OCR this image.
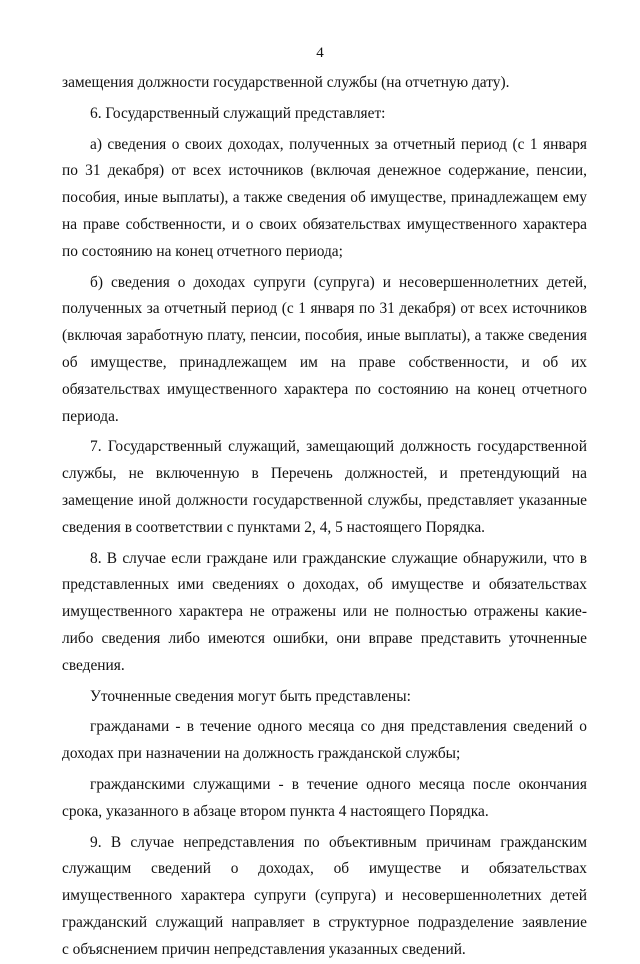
4

замещения должности государственной службы (на отчетную дату).

6. Государственный служащий представляет:

а) сведения о своих доходах, полученных за отчетный период (с 1 января по 31 декабря) от всех источников (включая денежное содержание, пенсии, пособия, иные выплаты), а также сведения об имуществе, принадлежащем ему на праве собственности, и о своих обязательствах имущественного характера по состоянию на конец отчетного периода;

б) сведения о доходах супруги (супруга) и несовершеннолетних детей, полученных за отчетный период (с 1 января по 31 декабря) от всех источников (включая заработную плату, пенсии, пособия, иные выплаты), а также сведения об имуществе, принадлежащем им на праве собственности, и об их обязательствах имущественного характера по состоянию на конец отчетного периода.

7. Государственный служащий, замещающий должность государственной службы, не включенную в Перечень должностей, и претендующий на замещение иной должности государственной службы, представляет указанные сведения в соответствии с пунктами 2, 4, 5 настоящего Порядка.

8. В случае если граждане или гражданские служащие обнаружили, что в представленных ими сведениях о доходах, об имуществе и обязательствах имущественного характера не отражены или не полностью отражены какие-либо сведения либо имеются ошибки, они вправе представить уточненные сведения.

Уточненные сведения могут быть представлены:

гражданами - в течение одного месяца со дня представления сведений о доходах при назначении на должность гражданской службы;

гражданскими служащими - в течение одного месяца после окончания срока, указанного в абзаце втором пункта 4 настоящего Порядка.

9. В случае непредставления по объективным причинам гражданским служащим сведений о доходах, об имуществе и обязательствах имущественного характера супруги (супруга) и несовершеннолетних детей гражданский служащий направляет в структурное подразделение заявление

с объяснением причин непредставления указанных сведений.
